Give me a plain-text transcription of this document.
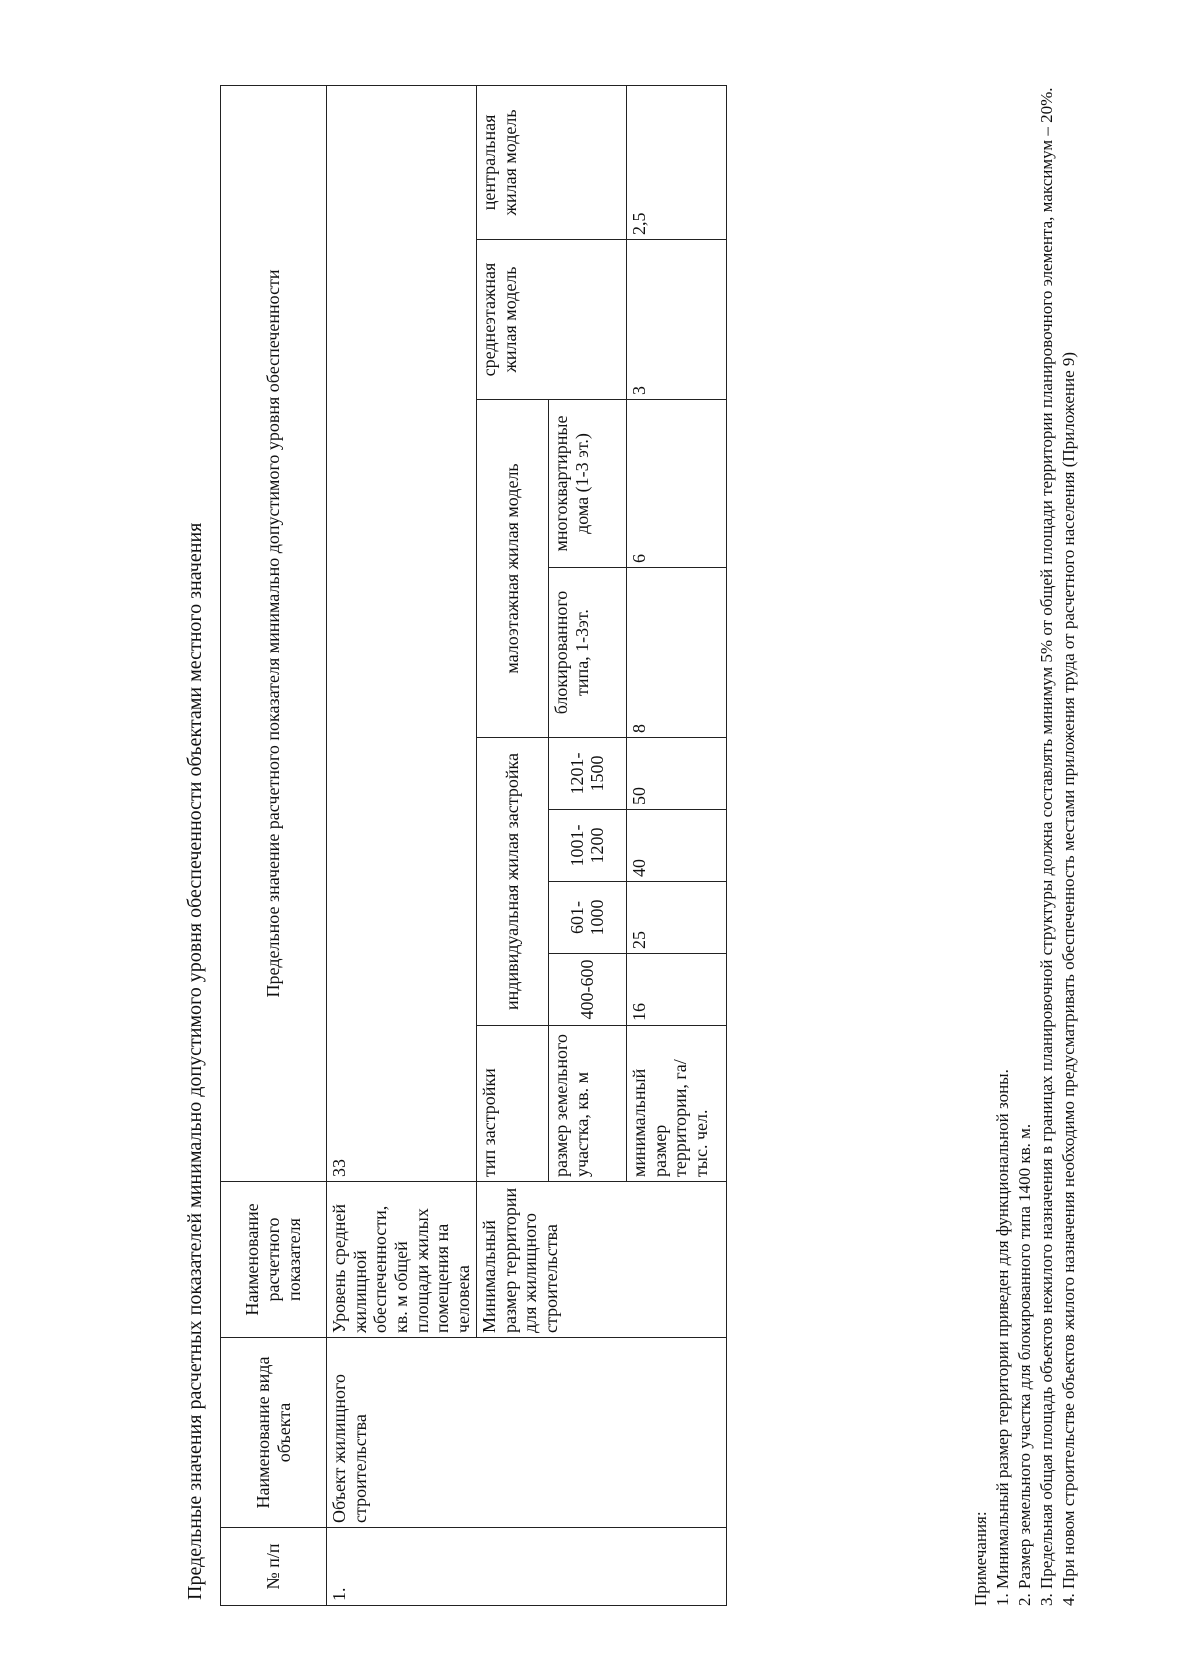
Предельные значения расчетных показателей минимально допустимого уровня обеспеченности объектами местного значения	№ п/п	Наименование вида объекта	Наименование расчетного показателя	Предельное значение расчетного показателя минимально допустимого уровня обеспеченности								
1.	Объект жилищного строительства	Уровень средней жилищной обеспеченности, кв. м общей площади жилых помещения на человека	33								
		Минимальный размер территории для жилищного строительства	тип застройки	индивидуальная жилая застройка				малоэтажная жилая модель		среднеэтажная жилая модель	центральная жилая модель
			размер земельного участка, кв. м	400-600	601-1000	1001-1200	1201-1500	блокированного типа, 1-3эт.	многоквартирные дома (1-3 эт.)		
			минимальный размер территории, га/тыс. чел.	16	25	40	50	8	6	3	2,5
Примечания: 1. Минимальный размер территории приведен для функциональной зоны. 2. Размер земельного участка для блокированного типа 1400 кв. м. 3. Предельная общая площадь объектов нежилого назначения в границах планировочной структуры должна составлять минимум 5% от общей площади территории планировочного элемента, максимум – 20%. 4. При новом строительстве объектов жилого назначения необходимо предусматривать обеспеченность местами приложения труда от расчетного населения (Приложение 9)
